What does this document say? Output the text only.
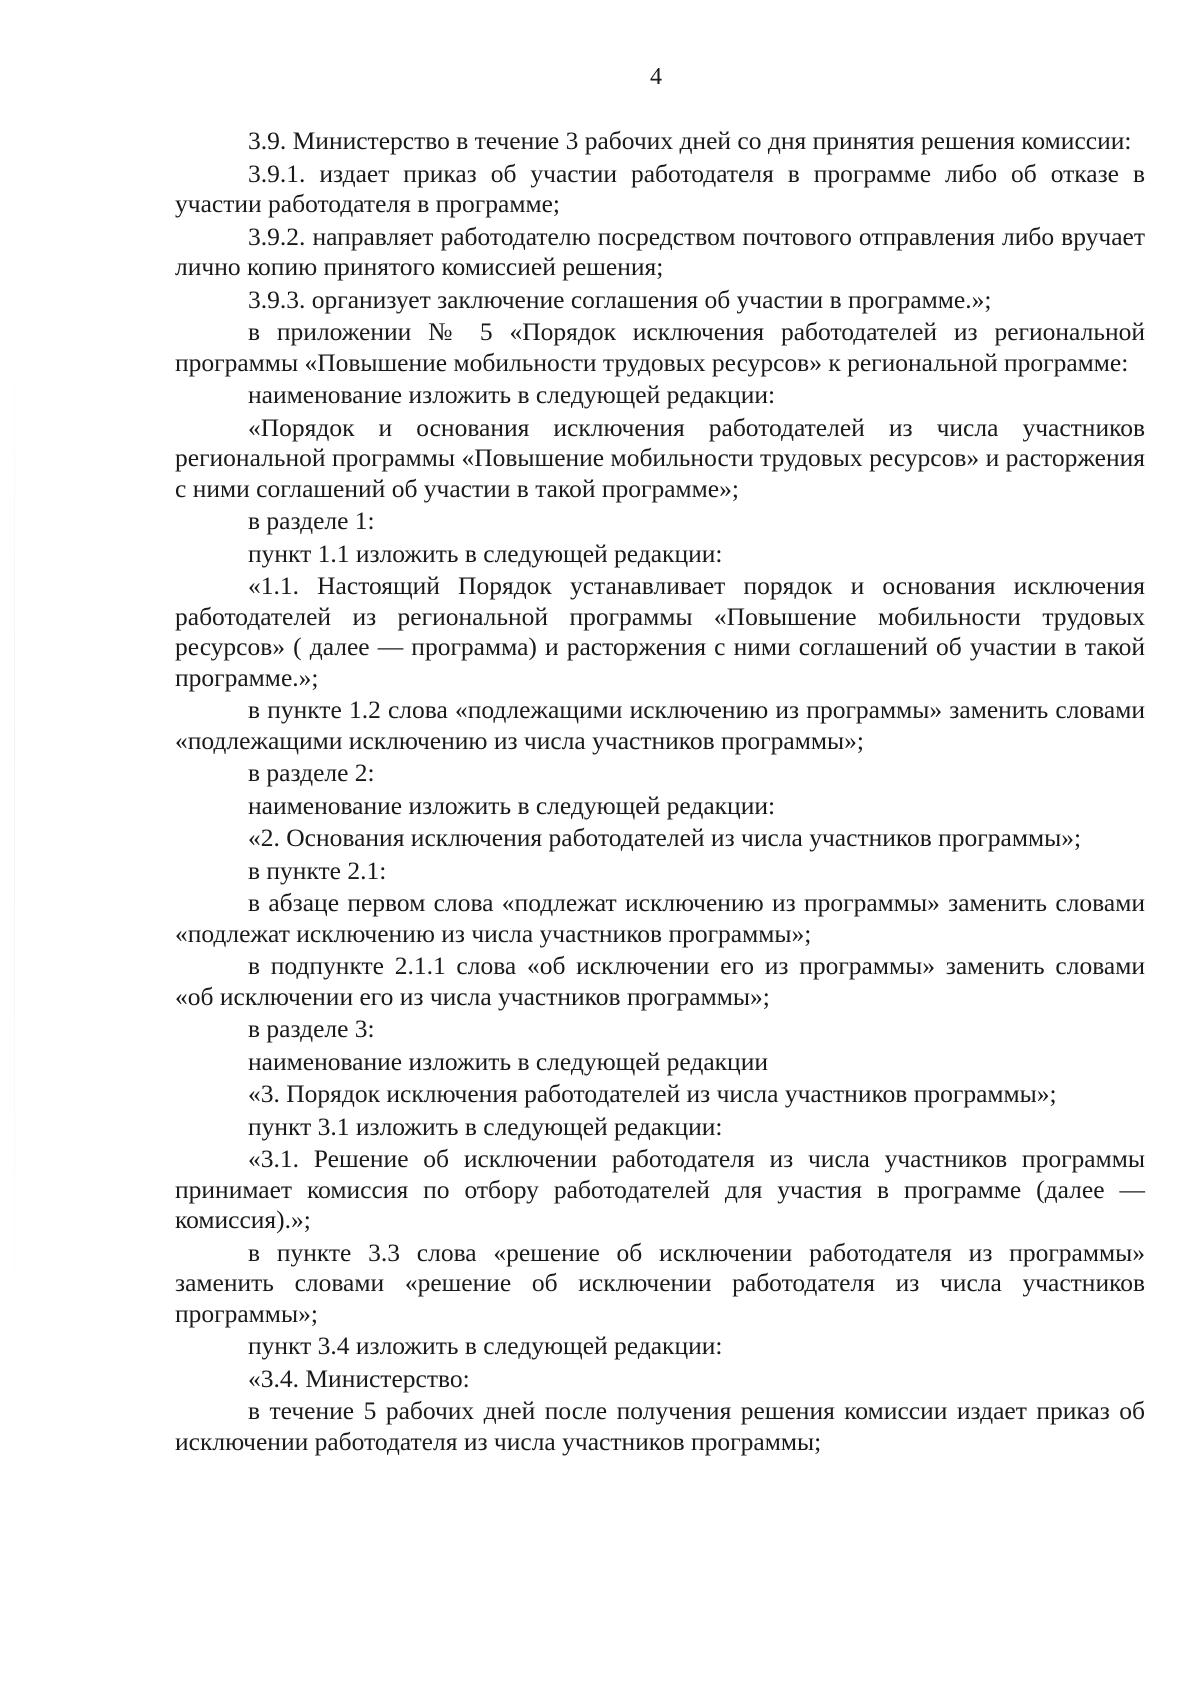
4

3.9. Министерство в течение 3 рабочих дней со дня принятия решения комиссии:

3.9.1. издает приказ об участии работодателя в программе либо об отказе в участии работодателя в программе;

3.9.2. направляет работодателю посредством почтового отправления либо вручает лично копию принятого комиссией решения;

3.9.3. организует заключение соглашения об участии в программе.»;

в приложении № 5 «Порядок исключения работодателей из региональной программы «Повышение мобильности трудовых ресурсов» к региональной программе:

наименование изложить в следующей редакции:

«Порядок и основания исключения работодателей из числа участников региональной программы «Повышение мобильности трудовых ресурсов» и расторжения с ними соглашений об участии в такой программе»;

в разделе 1:

пункт 1.1 изложить в следующей редакции:

«1.1. Настоящий Порядок устанавливает порядок и основания исключения работодателей из региональной программы «Повышение мобильности трудовых ресурсов» ( далее — программа) и расторжения с ними соглашений об участии в такой программе.»;

в пункте 1.2 слова «подлежащими исключению из программы» заменить словами «подлежащими исключению из числа участников программы»;

в разделе 2:

наименование изложить в следующей редакции:

«2. Основания исключения работодателей из числа участников программы»;

в пункте 2.1:

в абзаце первом слова «подлежат исключению из программы» заменить словами «подлежат исключению из числа участников программы»;

в подпункте 2.1.1 слова «об исключении его из программы» заменить словами «об исключении его из числа участников программы»;

в разделе 3:

наименование изложить в следующей редакции

«3. Порядок исключения работодателей из числа участников программы»;

пункт 3.1 изложить в следующей редакции:

«3.1. Решение об исключении работодателя из числа участников программы принимает комиссия по отбору работодателей для участия в программе (далее — комиссия).»;

в пункте 3.3 слова «решение об исключении работодателя из программы» заменить словами «решение об исключении работодателя из числа участников программы»;

пункт 3.4 изложить в следующей редакции:

«3.4. Министерство:

в течение 5 рабочих дней после получения решения комиссии издает приказ об исключении работодателя из числа участников программы;
